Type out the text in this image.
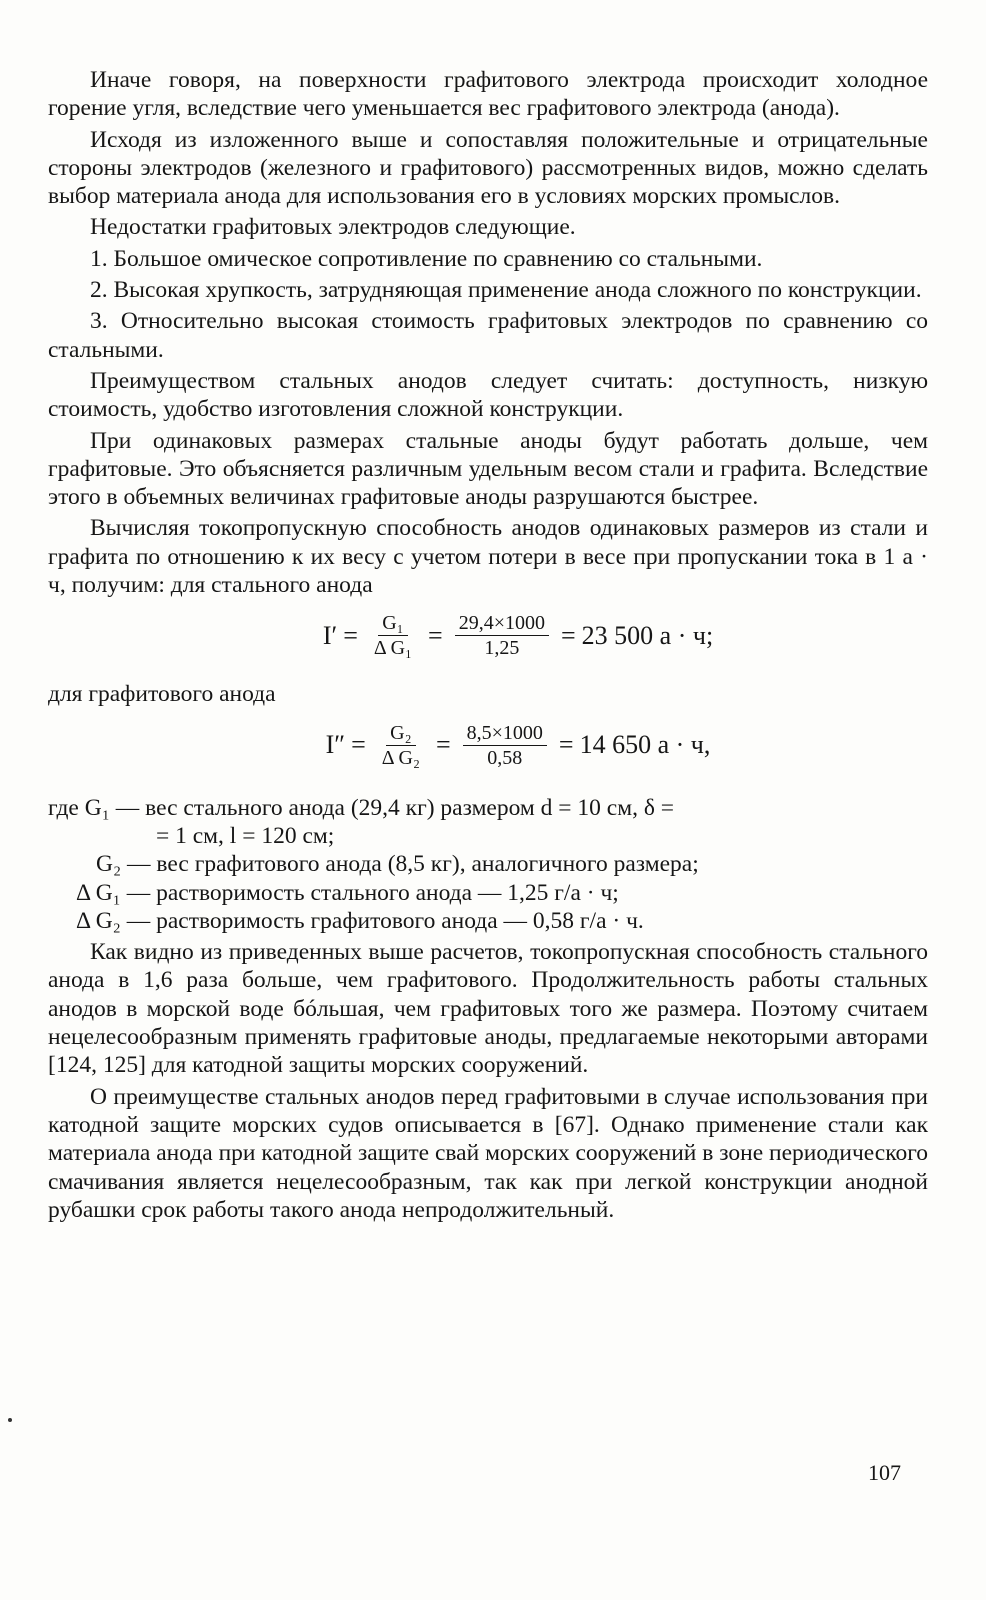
Иначе говоря, на поверхности графитового электрода происходит холодное горение угля, вследствие чего уменьшается вес графитового электрода (анода).

Исходя из изложенного выше и сопоставляя положительные и отрицательные стороны электродов (железного и графитового) рассмотренных видов, можно сделать выбор материала анода для использования его в условиях морских промыслов.

Недостатки графитовых электродов следующие.

1. Большое омическое сопротивление по сравнению со стальными.

2. Высокая хрупкость, затрудняющая применение анода сложного по конструкции.

3. Относительно высокая стоимость графитовых электродов по сравнению со стальными.

Преимуществом стальных анодов следует считать: доступность, низкую стоимость, удобство изготовления сложной конструкции.

При одинаковых размерах стальные аноды будут работать дольше, чем графитовые. Это объясняется различным удельным весом стали и графита. Вследствие этого в объемных величинах графитовые аноды разрушаются быстрее.

Вычисляя токопропускную способность анодов одинаковых размеров из стали и графита по отношению к их весу с учетом потери в весе при пропускании тока в 1 а · ч, получим: для стального анода

$I' = \frac{\text{G₁}}{\text{Δ G₁}} = \frac{29,4\times 1000}{1,25} = 23$ 500 а · ч;

для графитового анода

$I'' = \frac{\text{G₂}}{\text{Δ G₂}} = \frac{8,5\times 1000}{0,58} = 14$ 650 а · ч,
где G₁ —
вес стального анода (29,4 кг) размером d = 10 см, δ =
= 1 см, l = 120 см;
G₂ — вес графитового анода (8,5 кг), аналогичного размера;
Δ G₁ — растворимость стального анода — 1,25 г/а · ч;
Δ G₂ — растворимость графитового анода — 0,58 г/а · ч.

Как видно из приведенных выше расчетов, токопропускная способность стального анода в 1,6 раза больше, чем графитового. Продолжительность работы стальных анодов в морской воде бóльшая, чем графитовых того же размера. Поэтому считаем нецелесообразным применять графитовые аноды, предлагаемые некоторыми авторами [124, 125] для катодной защиты морских сооружений.

О преимуществе стальных анодов перед графитовыми в случае использования при катодной защите морских судов описывается в [67]. Однако применение стали как материала анода при катодной защите свай морских сооружений в зоне периодического смачивания является нецелесообразным, так как при легкой конструкции анодной рубашки срок работы такого анода непродолжительный.

107
